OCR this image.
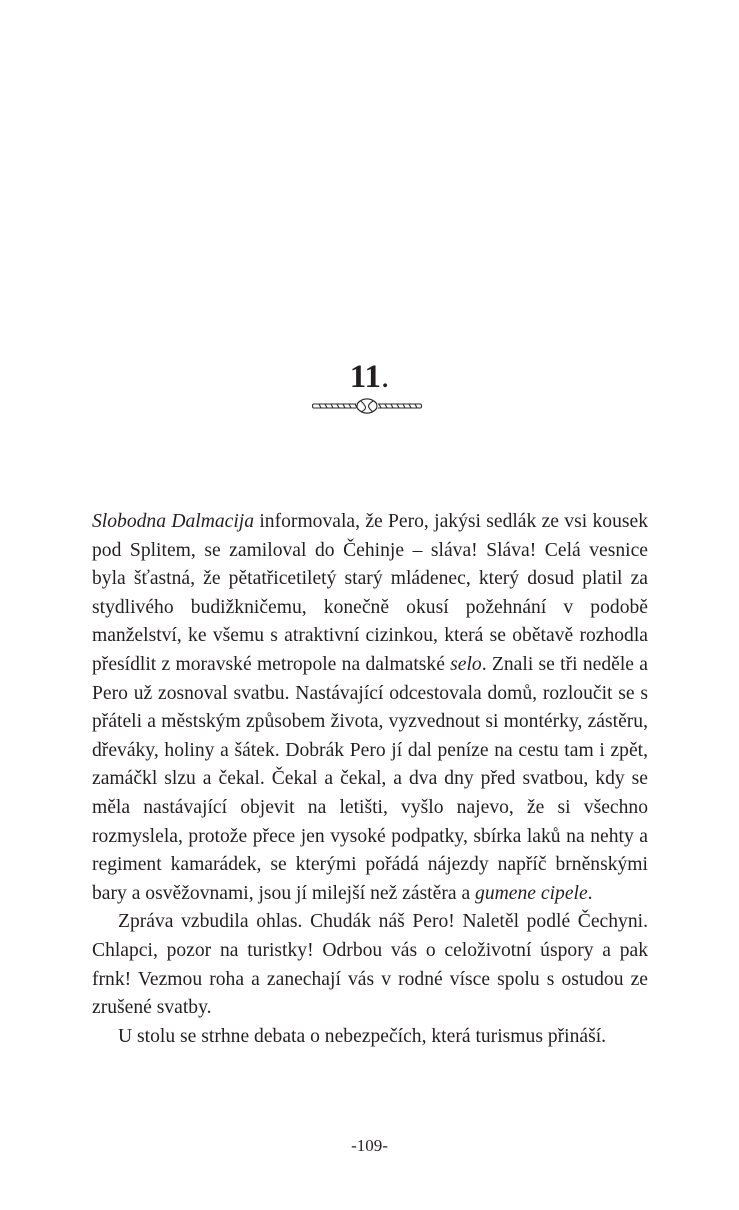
11.

Slobodna Dalmacija informovala, že Pero, jakýsi sedlák ze vsi kousek pod Splitem, se zamiloval do Čehinje – sláva! Sláva! Celá vesnice byla šťastná, že pětatřicetiletý starý mládenec, který dosud platil za stydlivého budižkničemu, konečně okusí požehnání v podobě manželství, ke všemu s atraktivní cizinkou, která se obětavě rozhodla přesídlit z moravské metropole na dalmatské selo. Znali se tři neděle a Pero už zosnoval svatbu. Nastávající odcestovala domů, rozloučit se s přáteli a městským způsobem života, vyzvednout si montérky, zástěru, dřeváky, holiny a šátek. Dobrák Pero jí dal peníze na cestu tam i zpět, zamáčkl slzu a čekal. Čekal a čekal, a dva dny před svatbou, kdy se měla nastávající objevit na letišti, vyšlo najevo, že si všechno rozmyslela, protože přece jen vysoké podpatky, sbírka laků na nehty a regiment kamarádek, se kterými pořádá nájezdy napříč brněnskými bary a osvěžovnami, jsou jí milejší než zástěra a gumene cipele.

Zpráva vzbudila ohlas. Chudák náš Pero! Naletěl podlé Čechyni. Chlapci, pozor na turistky! Odrbou vás o celoživotní úspory a pak frnk! Vezmou roha a zanechají vás v rodné vísce spolu s ostudou ze zrušené svatby.

U stolu se strhne debata o nebezpečích, která turismus přináší.

-109-
